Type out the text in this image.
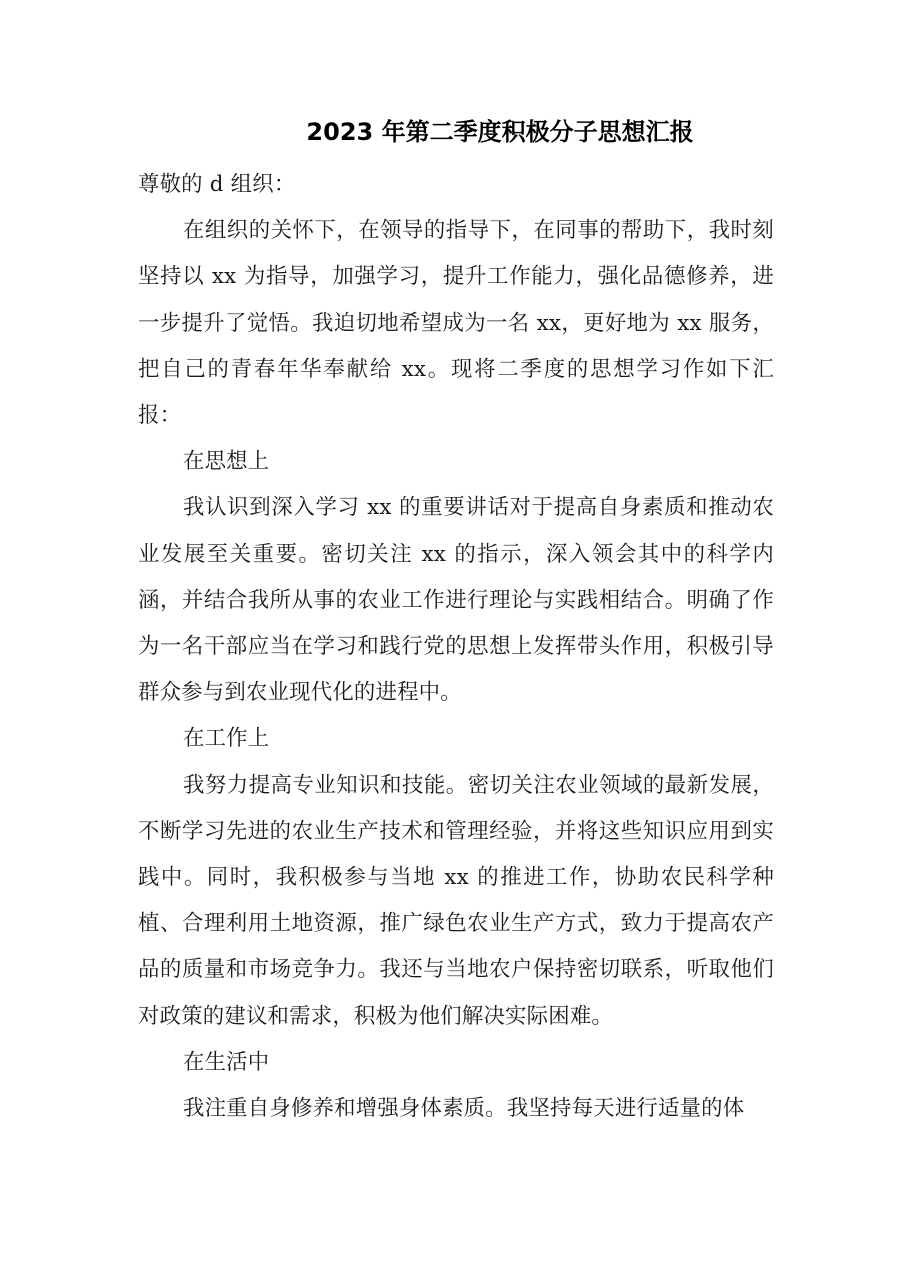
2023 年第二季度积极分子思想汇报

尊敬的 d 组织：

在组织的关怀下，在领导的指导下，在同事的帮助下，我时刻坚持以 xx 为指导，加强学习，提升工作能力，强化品德修养，进一步提升了觉悟。我迫切地希望成为一名 xx，更好地为 xx 服务，把自己的青春年华奉献给 xx。现将二季度的思想学习作如下汇报：

在思想上

我认识到深入学习 xx 的重要讲话对于提高自身素质和推动农业发展至关重要。密切关注 xx 的指示，深入领会其中的科学内涵，并结合我所从事的农业工作进行理论与实践相结合。明确了作为一名干部应当在学习和践行党的思想上发挥带头作用，积极引导群众参与到农业现代化的进程中。

在工作上

我努力提高专业知识和技能。密切关注农业领域的最新发展，不断学习先进的农业生产技术和管理经验，并将这些知识应用到实践中。同时，我积极参与当地 xx 的推进工作，协助农民科学种植、合理利用土地资源，推广绿色农业生产方式，致力于提高农产品的质量和市场竞争力。我还与当地农户保持密切联系，听取他们对政策的建议和需求，积极为他们解决实际困难。

在生活中

我注重自身修养和增强身体素质。我坚持每天进行适量的体
